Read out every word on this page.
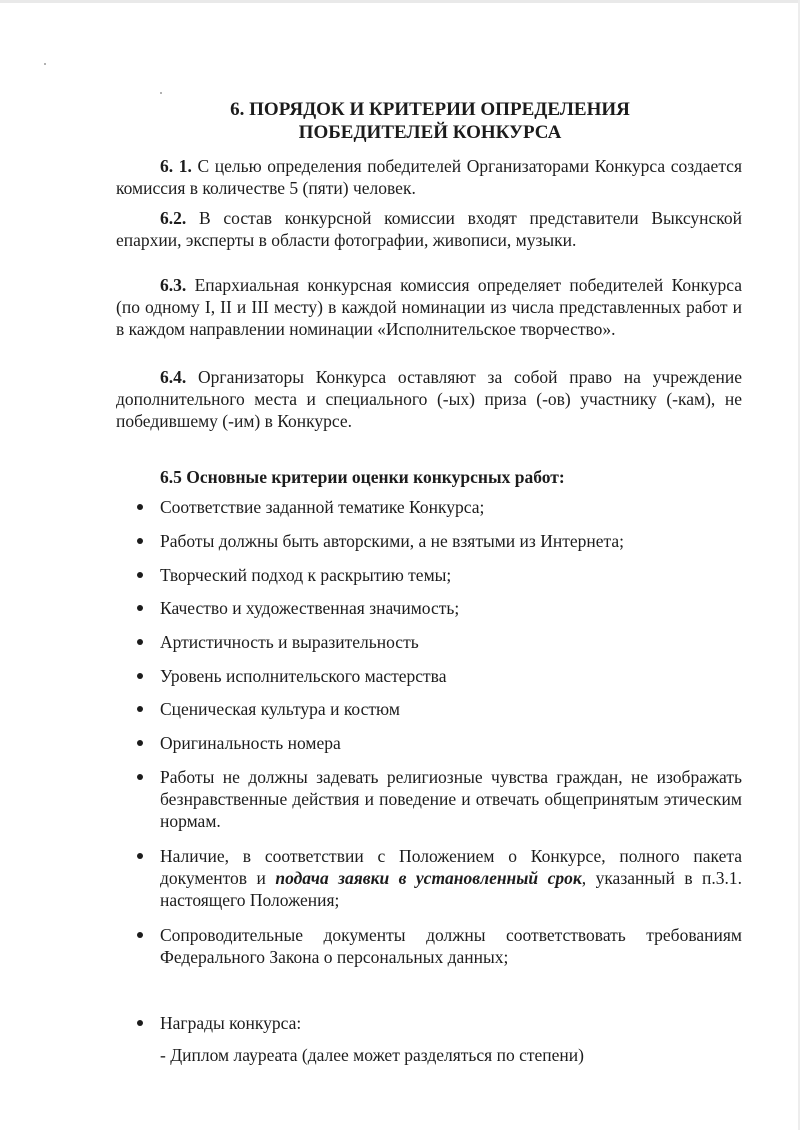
6. ПОРЯДОК И КРИТЕРИИ ОПРЕДЕЛЕНИЯ
ПОБЕДИТЕЛЕЙ КОНКУРСА

6. 1. С целью определения победителей Организаторами Конкурса создается комиссия в количестве 5 (пяти) человек.

6.2. В состав конкурсной комиссии входят представители Выксунской епархии, эксперты в области фотографии, живописи, музыки.

6.3. Епархиальная конкурсная комиссия определяет победителей Конкурса (по одному I, II и III месту) в каждой номинации из числа представленных работ и в каждом направлении номинации «Исполнительское творчество».

6.4. Организаторы Конкурса оставляют за собой право на учреждение дополнительного места и специального (-ых) приза (-ов) участнику (-кам), не победившему (-им) в Конкурсе.

6.5 Основные критерии оценки конкурсных работ:

Соответствие заданной тематике Конкурса;
Работы должны быть авторскими, а не взятыми из Интернета;
Творческий подход к раскрытию темы;
Качество и художественная значимость;
Артистичность и выразительность
Уровень исполнительского мастерства
Сценическая культура и костюм
Оригинальность номера
Работы не должны задевать религиозные чувства граждан, не изображать безнравственные действия и поведение и отвечать общепринятым этическим нормам.
Наличие, в соответствии с Положением о Конкурсе, полного пакета документов и подача заявки в установленный срок, указанный в п.3.1. настоящего Положения;
Сопроводительные документы должны соответствовать требованиям Федерального Закона о персональных данных;
Награды конкурса:

- Диплом лауреата (далее может разделяться по степени)
